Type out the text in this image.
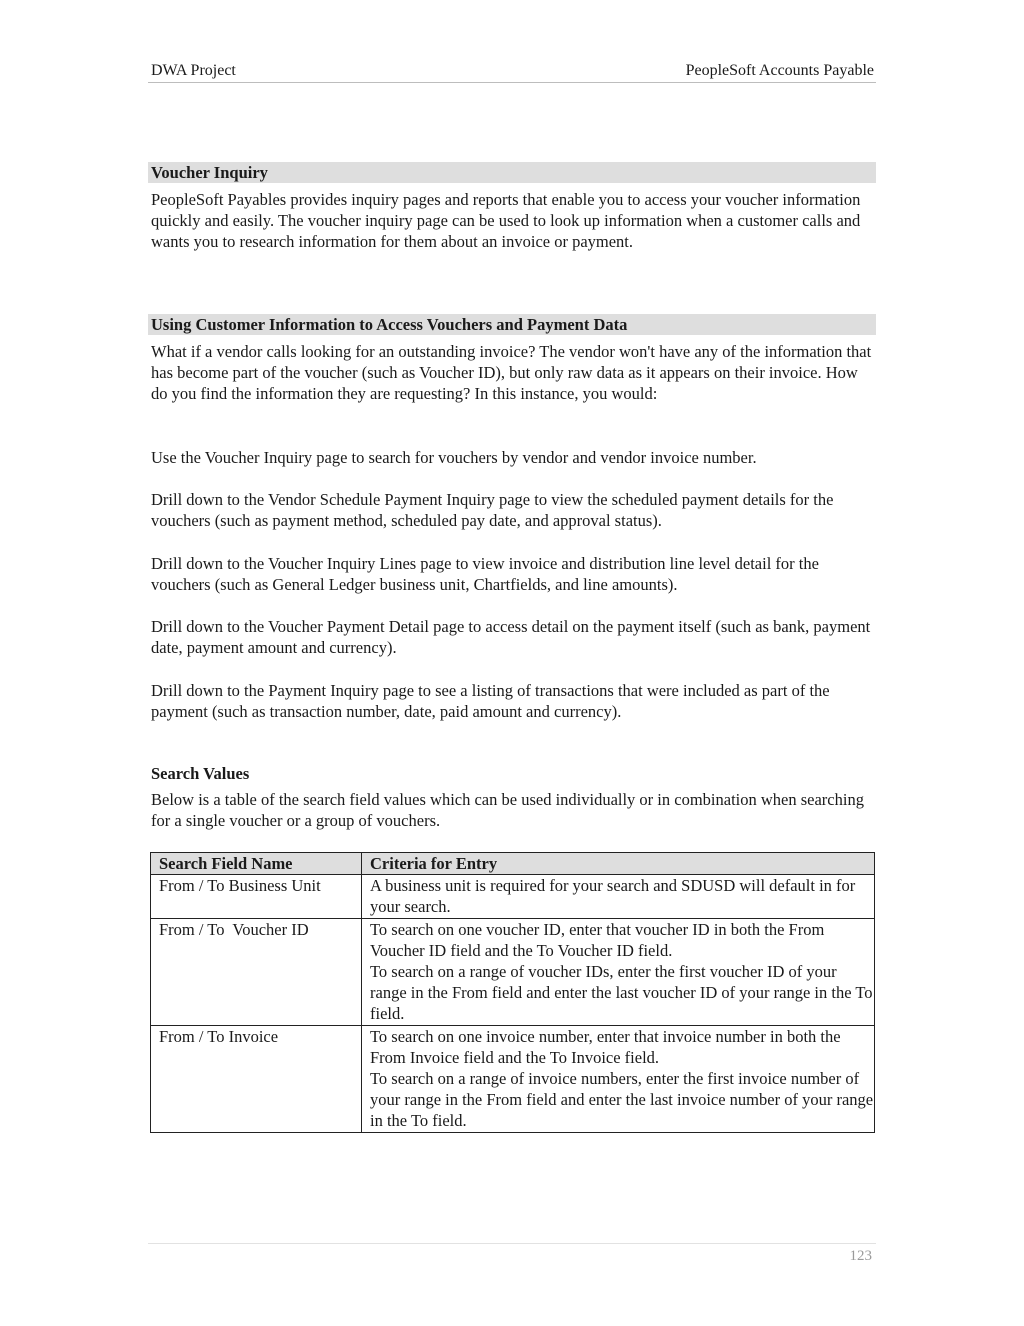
DWA Project	PeopleSoft Accounts Payable
Voucher Inquiry

PeopleSoft Payables provides inquiry pages and reports that enable you to access your voucher information quickly and easily. The voucher inquiry page can be used to look up information when a customer calls and wants you to research information for them about an invoice or payment.

Using Customer Information to Access Vouchers and Payment Data

What if a vendor calls looking for an outstanding invoice? The vendor won't have any of the information that has become part of the voucher (such as Voucher ID), but only raw data as it appears on their invoice. How do you find the information they are requesting? In this instance, you would:

Use the Voucher Inquiry page to search for vouchers by vendor and vendor invoice number.

Drill down to the Vendor Schedule Payment Inquiry page to view the scheduled payment details for the vouchers (such as payment method, scheduled pay date, and approval status).

Drill down to the Voucher Inquiry Lines page to view invoice and distribution line level detail for the vouchers (such as General Ledger business unit, Chartfields, and line amounts).

Drill down to the Voucher Payment Detail page to access detail on the payment itself (such as bank, payment date, payment amount and currency).

Drill down to the Payment Inquiry page to see a listing of transactions that were included as part of the payment (such as transaction number, date, paid amount and currency).

Search Values

Below is a table of the search field values which can be used individually or in combination when searching for a single voucher or a group of vouchers.

Search Field Name	Criteria for Entry
From / To Business Unit	A business unit is required for your search and SDUSD will default in for your search.

From / To  Voucher ID	To search on one voucher ID, enter that voucher ID in both the From Voucher ID field and the To Voucher ID field.
To search on a range of voucher IDs, enter the first voucher ID of your range in the From field and enter the last voucher ID of your range in the To field.

From / To Invoice	To search on one invoice number, enter that invoice number in both the From Invoice field and the To Invoice field.
To search on a range of invoice numbers, enter the first invoice number of your range in the From field and enter the last invoice number of your range in the To field.
123
